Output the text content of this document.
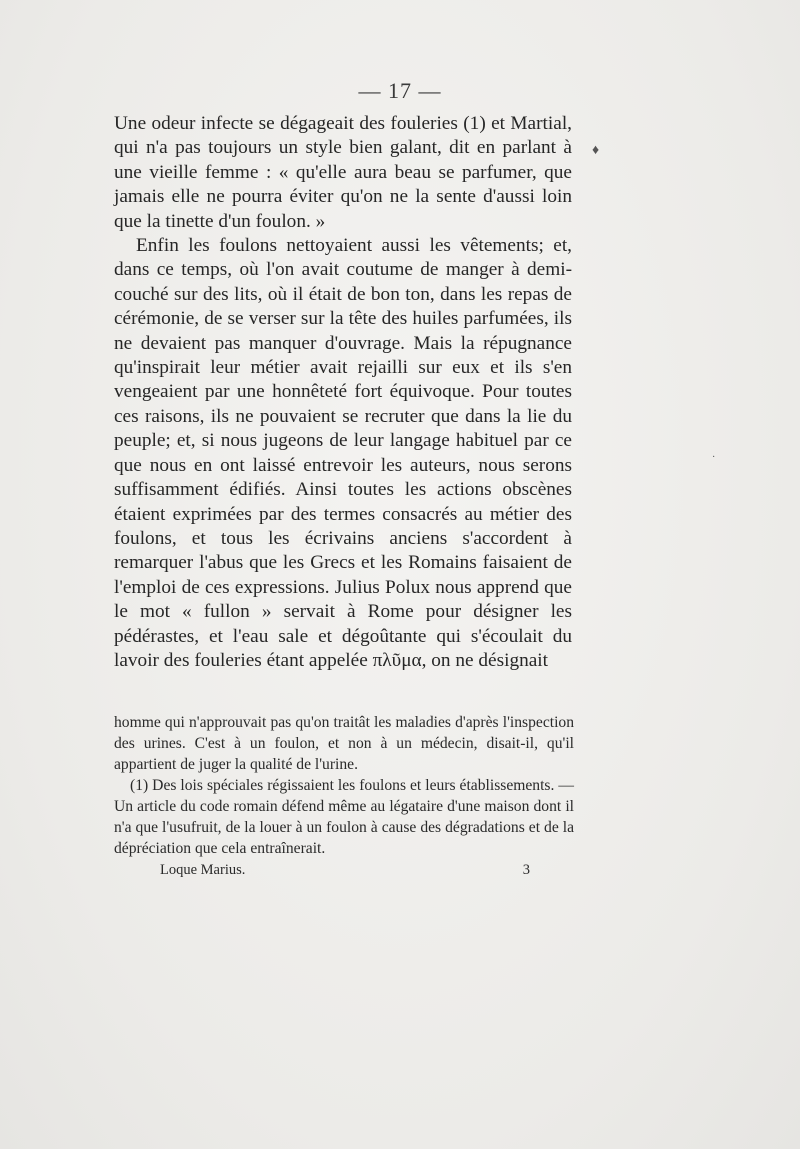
— 17 —

Une odeur infecte se dégageait des fouleries (1) et Martial, qui n'a pas toujours un style bien galant, dit en parlant à une vieille femme : « qu'elle aura beau se parfumer, que jamais elle ne pourra éviter qu'on ne la sente d'aussi loin que la tinette d'un foulon. »

Enfin les foulons nettoyaient aussi les vêtements; et, dans ce temps, où l'on avait coutume de manger à demi-couché sur des lits, où il était de bon ton, dans les repas de cérémonie, de se verser sur la tête des huiles parfumées, ils ne devaient pas manquer d'ouvrage. Mais la répugnance qu'inspirait leur métier avait rejailli sur eux et ils s'en vengeaient par une honnêteté fort équivoque. Pour toutes ces raisons, ils ne pouvaient se recruter que dans la lie du peuple; et, si nous jugeons de leur langage habituel par ce que nous en ont laissé entrevoir les auteurs, nous serons suffisamment édifiés. Ainsi toutes les actions obscènes étaient exprimées par des termes consacrés au métier des foulons, et tous les écrivains anciens s'accordent à remarquer l'abus que les Grecs et les Romains faisaient de l'emploi de ces expressions. Julius Polux nous apprend que le mot « fullon » servait à Rome pour désigner les pédérastes, et l'eau sale et dégoûtante qui s'écoulait du lavoir des fouleries étant appelée πλῦμα, on ne désignait

homme qui n'approuvait pas qu'on traitât les maladies d'après l'inspection des urines. C'est à un foulon, et non à un médecin, disait-il, qu'il appartient de juger la qualité de l'urine.

(1) Des lois spéciales régissaient les foulons et leurs établissements. — Un article du code romain défend même au légataire d'une maison dont il n'a que l'usufruit, de la louer à un foulon à cause des dégradations et de la dépréciation que cela entraînerait.

Loque Marius.	3
♦
·
